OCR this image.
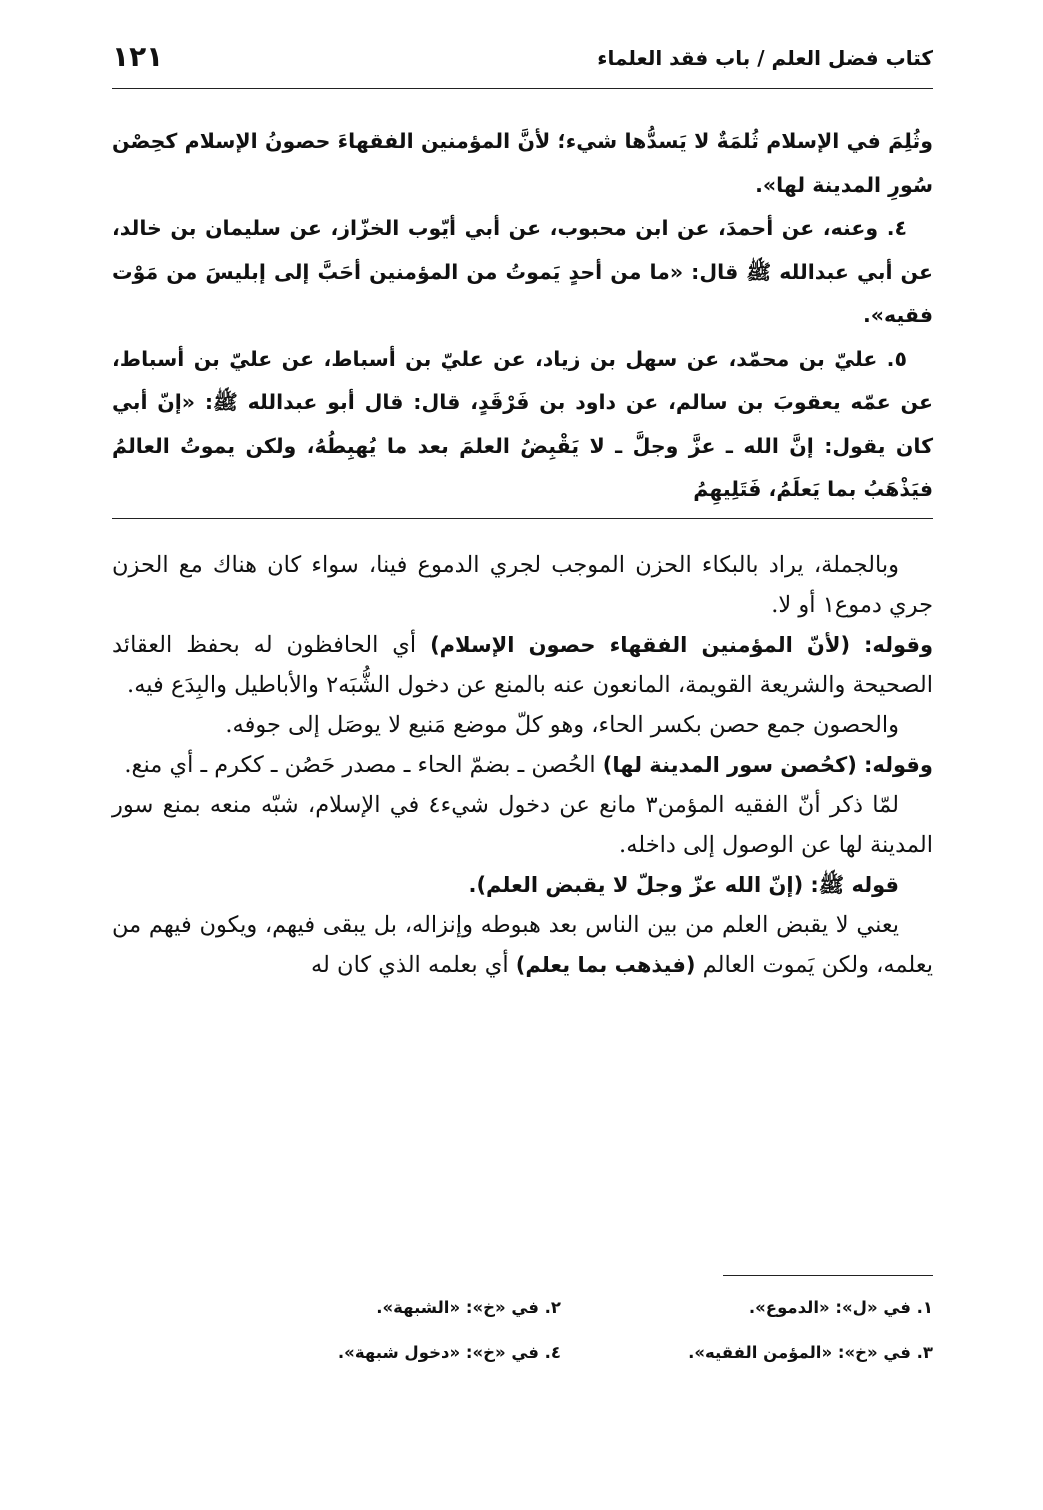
كتاب فضل العلم / باب فقد العلماء
١٢١

وثُلِمَ في الإسلام ثُلمَةٌ لا يَسدُّها شيء؛ لأنَّ المؤمنين الفقهاءَ حصونُ الإسلام كحِصْن سُورِ المدينة لها».

٤. وعنه، عن أحمدَ، عن ابن محبوب، عن أبي أيّوب الخزّاز، عن سليمان بن خالد، عن أبي عبدالله ﷺ قال: «ما من أحدٍ يَموتُ من المؤمنين أحَبَّ إلى إبليسَ من مَوْت فقيه».

٥. عليّ بن محمّد، عن سهل بن زياد، عن عليّ بن أسباط، عن عليّ بن أسباط، عن عمّه يعقوبَ بن سالم، عن داود بن فَرْقَدٍ، قال: قال أبو عبدالله ﷺ: «إنّ أبي كان يقول: إنَّ الله ـ عزَّ وجلَّ ـ لا يَقْبِضُ العلمَ بعد ما يُهبِطُهُ، ولكن يموتُ العالمُ فيَذْهَبُ بما يَعلَمُ، فَتَلِيهِمُ

وبالجملة، يراد بالبكاء الحزن الموجب لجري الدموع فينا، سواء كان هناك مع الحزن جري دموع١ أو لا.

وقوله: (لأنّ المؤمنين الفقهاء حصون الإسلام) أي الحافظون له بحفظ العقائد الصحيحة والشريعة القويمة، المانعون عنه بالمنع عن دخول الشُّبَه٢ والأباطيل والبِدَع فيه.

والحصون جمع حصن بكسر الحاء، وهو كلّ موضع مَنيع لا يوصَل إلى جوفه.

وقوله: (كحُصن سور المدينة لها) الحُصن ـ بضمّ الحاء ـ مصدر حَصُن ـ ككرم ـ أي منع.

لمّا ذكر أنّ الفقيه المؤمن٣ مانع عن دخول شيء٤ في الإسلام، شبّه منعه بمنع سور المدينة لها عن الوصول إلى داخله.

قوله ﷺ: (إنّ الله عزّ وجلّ لا يقبض العلم).

يعني لا يقبض العلم من بين الناس بعد هبوطه وإنزاله، بل يبقى فيهم، ويكون فيهم من يعلمه، ولكن يَموت العالم (فيذهب بما يعلم) أي بعلمه الذي كان له

١. في «ل»: «الدموع».
٢. في «خ»: «الشبهة».
٣. في «خ»: «المؤمن الفقيه».
٤. في «خ»: «دخول شبهة».
